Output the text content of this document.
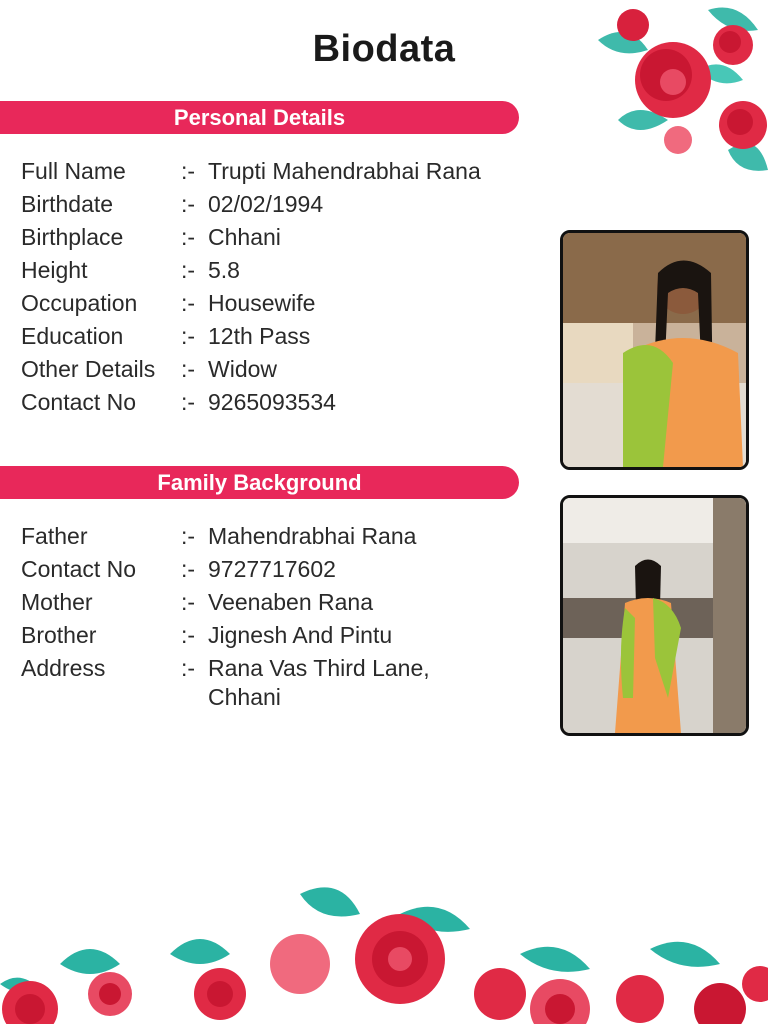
Biodata
Personal Details
Full Name	:- Trupti Mahendrabhai Rana
Birthdate	:- 02/02/1994
Birthplace	:- Chhani
Height	:- 5.8
Occupation	:- Housewife
Education	:- 12th Pass
Other Details	:- Widow
Contact No	:- 9265093534
Family Background
Father	:- Mahendrabhai Rana
Contact No	:- 9727717602
Mother	:- Veenaben Rana
Brother	:- Jignesh And Pintu
Address	:- Rana Vas Third Lane, Chhani
